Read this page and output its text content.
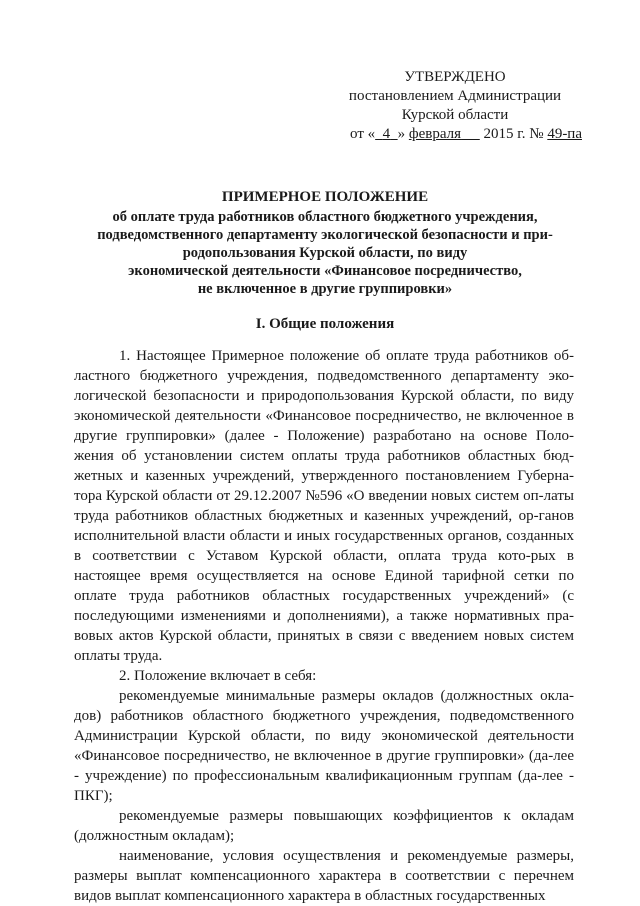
УТВЕРЖДЕНО
постановлением Администрации
Курской области
от « 4 » февраля 2015 г. № 49-па
ПРИМЕРНОЕ ПОЛОЖЕНИЕ
об оплате труда работников областного бюджетного учреждения,
подведомственного департаменту экологической безопасности и при-
родопользования Курской области, по виду
экономической деятельности «Финансовое посредничество,
не включенное в другие группировки»
I. Общие положения

1. Настоящее Примерное положение об оплате труда работников об-ластного бюджетного учреждения, подведомственного департаменту эко-логической безопасности и природопользования Курской области, по виду экономической деятельности «Финансовое посредничество, не включенное в другие группировки» (далее - Положение) разработано на основе Поло-жения об установлении систем оплаты труда работников областных бюд-жетных и казенных учреждений, утвержденного постановлением Губерна-тора Курской области от 29.12.2007 №596 «О введении новых систем оп-латы труда работников областных бюджетных и казенных учреждений, ор-ганов исполнительной власти области и иных государственных органов, созданных в соответствии с Уставом Курской области, оплата труда кото-рых в настоящее время осуществляется на основе Единой тарифной сетки по оплате труда работников областных государственных учреждений» (с последующими изменениями и дополнениями), а также нормативных пра-вовых актов Курской области, принятых в связи с введением новых систем оплаты труда.

2. Положение включает в себя:

рекомендуемые минимальные размеры окладов (должностных окла-дов) работников областного бюджетного учреждения, подведомственного Администрации Курской области, по виду экономической деятельности «Финансовое посредничество, не включенное в другие группировки» (да-лее - учреждение) по профессиональным квалификационным группам (да-лее - ПКГ);

рекомендуемые размеры повышающих коэффициентов к окладам (должностным окладам);

наименование, условия осуществления и рекомендуемые размеры, размеры выплат компенсационного характера в соответствии с перечнем видов выплат компенсационного характера в областных государственных
